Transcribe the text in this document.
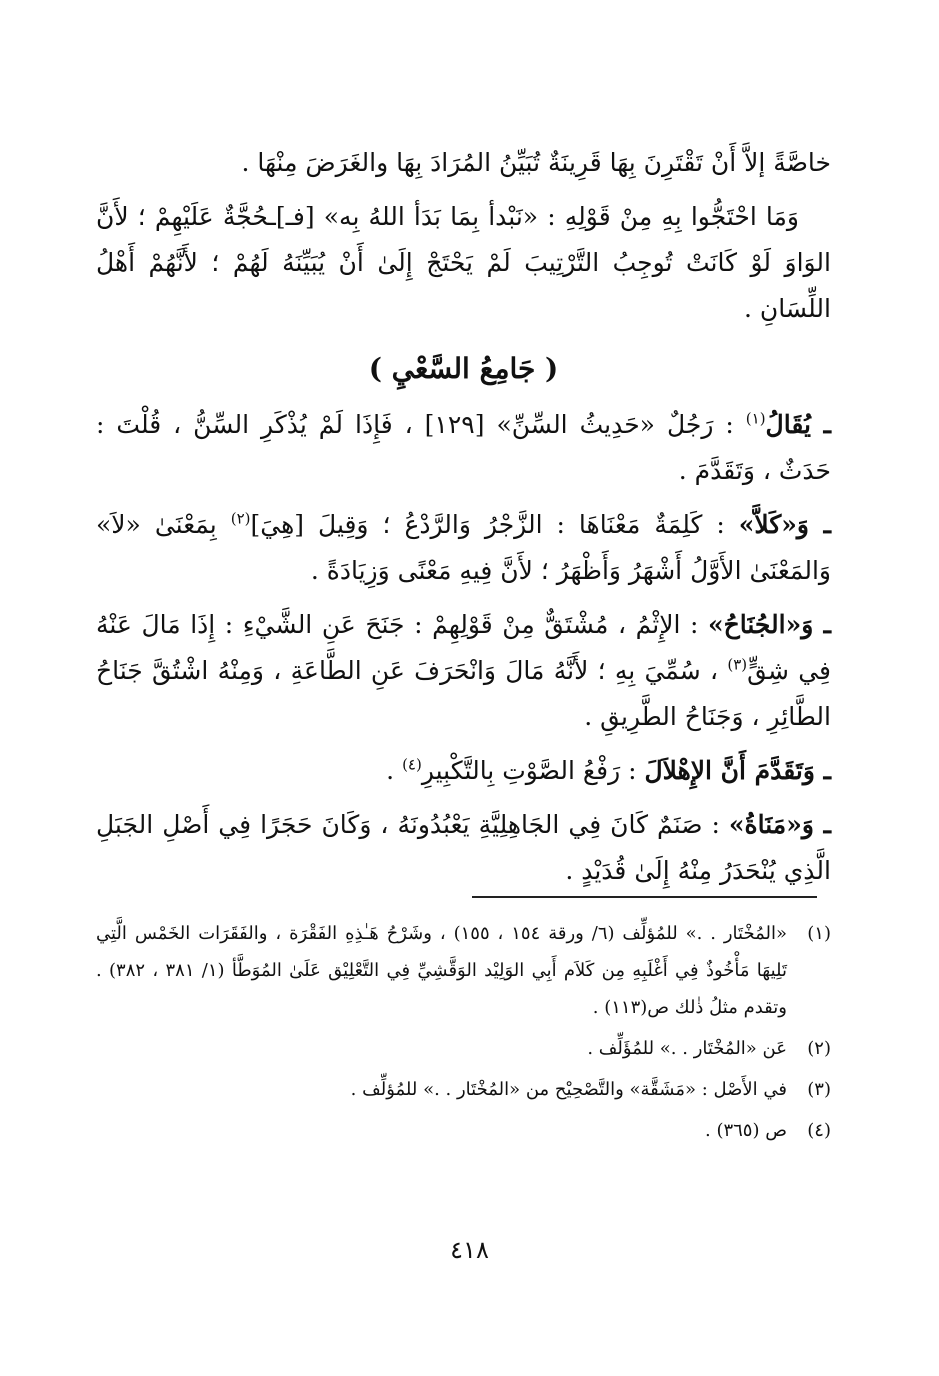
خاصَّةً إلاَّ أَنْ تَقْتَرِنَ بِهَا قَرِينَةٌ تُبَيِّنُ المُرَادَ بِهَا والغَرَضَ مِنْهَا .

وَمَا احْتَجُّوا بِهِ مِنْ قَوْلِهِ : «نَبْدأ بِمَا بَدَأ اللهُ بِه» [فـ]ـحُجَّةٌ عَلَيْهِمْ ؛ لأَنَّ الوَاوَ لَوْ كَانَتْ تُوجِبُ التَّرْتِيبَ لَمْ يَحْتَجْ إِلَىٰ أَنْ يُبَيِّنَهُ لَهُمْ ؛ لأَنَّهُمْ أَهْلُ اللِّسَانِ .

( جَامِعُ السَّعْيِ )

ـ يُقَالُ$^{(١)}$ : رَجُلٌ «حَدِيثُ السِّنِّ» [١٢٩] ، فَإِذَا لَمْ يُذْكَرِ السِّنُّ ، قُلْتَ : حَدَثٌ ، وَتَقَدَّمَ .

ـ وَ«كَلاَّ» : كَلِمَةٌ مَعْنَاهَا : الزَّجْرُ وَالرَّدْعُ ؛ وَقِيلَ [هِيَ]$^{(٢)}$ بِمَعْنَىٰ «لاَ» وَالمَعْنَىٰ الأَوَّلُ أَشْهَرُ وَأَظْهَرُ ؛ لأَنَّ فِيهِ مَعْنًى وَزِيَادَةً .

ـ وَ«الجُنَاحُ» : الإِثْمُ ، مُشْتَقٌّ مِنْ قَوْلِهِمْ : جَنَحَ عَنِ الشَّيْءِ : إِذَا مَالَ عَنْهُ فِي شِقٍّ$^{(٣)}$ ، سُمِّيَ بِهِ ؛ لأَنَّهُ مَالَ وَانْحَرَفَ عَنِ الطَّاعَةِ ، وَمِنْهُ اشْتُقَّ جَنَاحُ الطَّائِرِ ، وَجَنَاحُ الطَّرِيقِ .

ـ وَتَقَدَّمَ أَنَّ الإِهْلاَلَ : رَفْعُ الصَّوْتِ بِالتَّكْبِيرِ$^{(٤)}$ .

ـ وَ«مَنَاةُ» : صَنَمٌ كَانَ فِي الجَاهِلِيَّةِ يَعْبُدُونَهُ ، وَكَانَ حَجَرًا فِي أَصْلِ الجَبَلِ الَّذِي يُنْحَدَرُ مِنْهُ إِلَىٰ قُدَيْدٍ .

(١)
«المُخْتَار . .» للمُؤلِّف (٦/ ورقة ١٥٤ ، ١٥٥) ، وشَرْحُ هَـٰذِهِ الفَقْرَة ، والفَقَرَات الخَمْس الَّتِي تَلِيهَا مَأْخُوذٌ فِي أَغْلَبِهِ مِن كَلاَم أَبِي الوَلِيْد الوَقَّشِيِّ فِي التَّعْلِيْق عَلَىٰ المُوَطَّأ (١/ ٣٨١ ، ٣٨٢) . وتقدم مثلُ ذٰلك ص(١١٣) .
(٢)
عَن «المُخْتَار . .» للمُؤَلِّف .
(٣)
في الأَصْل : «مَشَقَّة» والتَّصْحِيْح من «المُخْتَار . .» للمُؤلِّف .
(٤)
ص (٣٦٥) .
٤١٨
